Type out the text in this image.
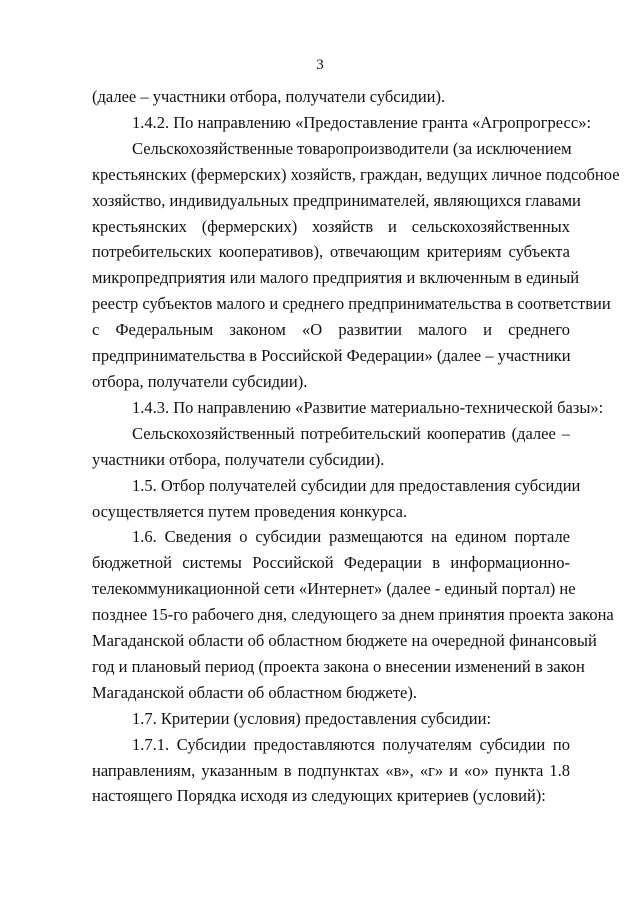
3

(далее – участники отбора, получатели субсидии).

1.4.2. По направлению «Предоставление гранта «Агропрогресс»:

Сельскохозяйственные товаропроизводители (за исключением

крестьянских (фермерских) хозяйств, граждан, ведущих личное подсобное

хозяйство, индивидуальных предпринимателей, являющихся главами

крестьянских (фермерских) хозяйств и сельскохозяйственных

потребительских кооперативов), отвечающим критериям субъекта

микропредприятия или малого предприятия и включенным в единый

реестр субъектов малого и среднего предпринимательства в соответствии

с Федеральным законом «О развитии малого и среднего

предпринимательства в Российской Федерации» (далее – участники

отбора, получатели субсидии).

1.4.3. По направлению «Развитие материально-технической базы»:

Сельскохозяйственный потребительский кооператив (далее –

участники отбора, получатели субсидии).

1.5. Отбор получателей субсидии для предоставления субсидии

осуществляется путем проведения конкурса.

1.6. Сведения о субсидии размещаются на едином портале

бюджетной системы Российской Федерации в информационно-

телекоммуникационной сети «Интернет» (далее - единый портал) не

позднее 15-го рабочего дня, следующего за днем принятия проекта закона

Магаданской области об областном бюджете на очередной финансовый

год и плановый период (проекта закона о внесении изменений в закон

Магаданской области об областном бюджете).

1.7. Критерии (условия) предоставления субсидии:

1.7.1. Субсидии предоставляются получателям субсидии по

направлениям, указанным в подпунктах «в», «г» и «о» пункта 1.8

настоящего Порядка исходя из следующих критериев (условий):
